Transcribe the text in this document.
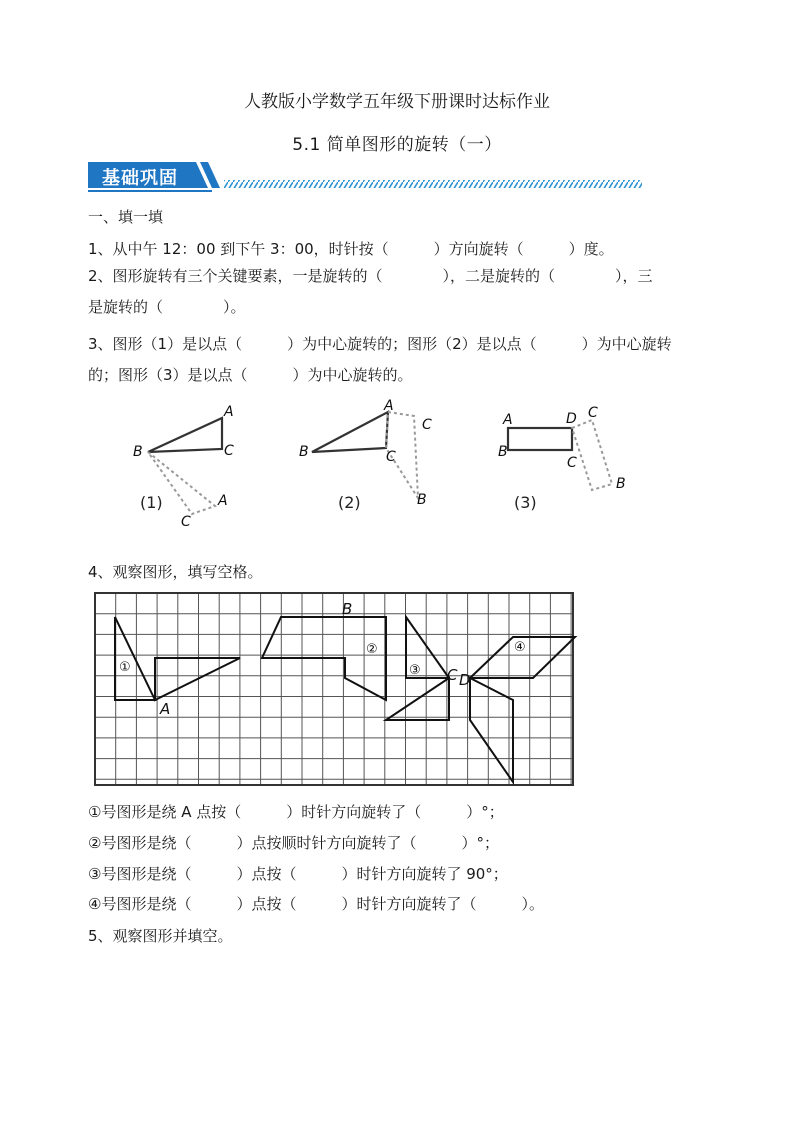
人教版小学数学五年级下册课时达标作业
5.1 简单图形的旋转（一）
基础巩固
一、填一填
1、从中午 12：00 到下午 3：00，时针按（　　　）方向旋转（　　　）度。
2、图形旋转有三个关键要素，一是旋转的（　　　　），二是旋转的（　　　　），三
是旋转的（　　　　）。
3、图形（1）是以点（　　　）为中心旋转的；图形（2）是以点（　　　）为中心旋转
的；图形（3）是以点（　　　）为中心旋转的。
A
B	C
A
C
A
B	C
C
B
A
B
D
C
C
B
(1)	(2)	(3)
4、观察图形，填写空格。
①
②
③
④
A
B
C D
①号图形是绕 A 点按（　　　）时针方向旋转了（　　　）°；
②号图形是绕（　　　）点按顺时针方向旋转了（　　　）°；
③号图形是绕（　　　）点按（　　　）时针方向旋转了 90°；
④号图形是绕（　　　）点按（　　　）时针方向旋转了（　　　）。
5、观察图形并填空。
